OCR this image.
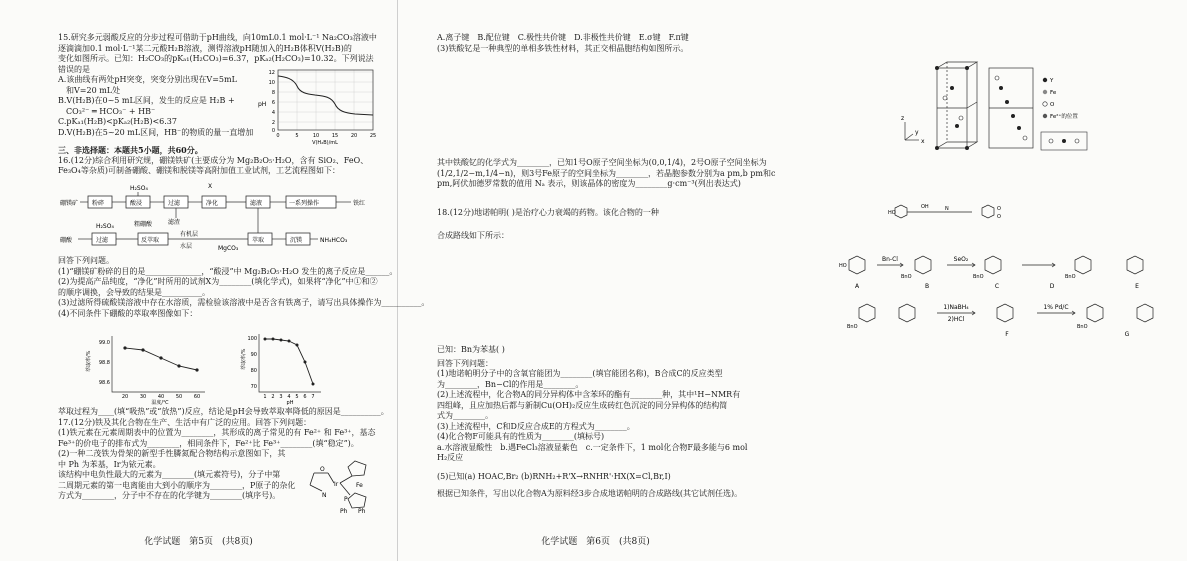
15.研究多元弱酸反应的分步过程可借助于pH曲线，向10mL0.1 mol·L⁻¹ Na₂CO₃溶液中

逐滴滴加0.1 mol·L⁻¹某二元酸H₂B溶液，测得溶液pH随加入的H₂B体积V(H₂B)的

变化如图所示。已知：H₂CO₃的pKₐ₁(H₂CO₃)=6.37，pKₐ₂(H₂CO₃)=10.32。下列说法

错误的是

A.该曲线有两处pH突变，突变分别出现在V=5mL

和V=20 mL处

B.V(H₂B)在0~5 mL区间，发生的反应是 H₂B +

CO₃²⁻ ═ HCO₃⁻ + HB⁻

C.pKₐ₁(H₂B)<pKₐ₂(H₂B)<6.37

D.V(H₂B)在5~20 mL区间，HB⁻的物质的量一直增加

pH
12
10
8
6
4
2
0
0	5	10	15	20	25
V(H₂B)/mL

三、非选择题：本题共5小题，共60分。

16.(12分)综合利用研究规，硼镁铁矿(主要成分为 Mg₂B₂O₅·H₂O，含有 SiO₂、FeO、

Fe₃O₄等杂质)可制备硼酸、硼镁和脱镁等高附加值工业试剂，工艺流程图如下：

硼镁矿 粉碎	酸浸
H₂SO₄
过滤	净化
X
滤液	一系列操作	铁红
滤渣
硼酸	过滤
H₂SO₄
反萃取
有机层
水层
萃取
MgCO₃
沉镁	NH₄HCO₃
粗硼酸

回答下列问题。

(1)“硼镁矿粉碎的目的是______________，“酸浸”中 Mg₂B₂O₅·H₂O 发生的离子反应是______。

(2)为提高产品纯度，“净化”时所用的试剂X为________(填化学式)，如果将“净化”中①和②

的顺序调换，会导致的结果是__________。

(3)过滤所得硫酸镁溶液中存在水溶质，需检验该溶液中是否含有铁离子，请写出具体操作为__________。

(4)不同条件下硼酸的萃取率图像如下：

萃取率/%
99.0
98.8
98.6
20 30 40 50 60
温度/℃
萃取率/%
100
90
80
70
1 2 3 4 5 6 7
pH

萃取过程为____(填“吸热”或“放热”)反应，结论是pH会导致萃取率降低的原因是__________。

17.(12分)铁及其化合物在生产、生活中有广泛的应用。回答下列问题：

(1)铁元素在元素周期表中的位置为________，其形成的离子常见的有 Fe²⁺ 和 Fe³⁺，基态

Fe³⁺的价电子的排布式为________，相同条件下，Fe²⁺比 Fe³⁺________(填“稳定”)。

(2)一种二茂铁为骨架的新型手性膦氮配合物结构示意图如下，其

中 Ph 为苯基，Ir为铱元素。

该结构中电负性最大的元素为________(填元素符号)，分子中第

二周期元素的第一电离能由大到小的顺序为________，P原子的杂化

方式为________，分子中不存在的化学键为________(填序号)。

Ir	Fe
O
N
P
Ph Ph
化学试题　第5页　(共8页)

A.离子键　B.配位键　C.极性共价键　D.非极性共价键　E.σ键　F.π键

(3)铁酸钇是一种典型的单相多铁性材料，其正交相晶胞结构如图所示。

z
x
y
Y
Fe
O
Fe²⁺的位置

其中铁酸钇的化学式为________，已知1号O原子空间坐标为(0,0,1/4)，2号O原子空间坐标为

(1/2,1/2−m,1/4−n)，则3号Fe原子的空间坐标为________，若晶胞参数分别为a pm,b pm和c

pm,阿伏加德罗常数的值用 Nₐ 表示，则该晶体的密度为________g·cm⁻³(列出表达式)

18.(12分)地诺帕明( )是治疗心力衰竭的药物。该化合物的一种

合成路线如下所示：

HO
OH	N	O
O
A	B	C	D	E
F	G
Bn-Cl	SeO₂
1)NaBH₄
2)HCl
1% Pd/C
HO
BnO	BnO	BnO
BnO	BnO

已知：Bn为苯基( )

回答下列问题：

(1)地诺帕明分子中的含氧官能团为________(填官能团名称)，B合成C的反应类型

为________，Bn−Cl的作用是________。

(2)上述流程中，化合物A的同分异构体中含苯环的酯有________种，其中¹H−NMR有

四组峰，且应加热后都与新制Cu(OH)₂反应生成砖红色沉淀的同分异构体的结构简

式为________。

(3)上述流程中，C和D反应合成E的方程式为________。

(4)化合物F可能具有的性质为________(填标号)

a.水溶液显酸性　b.遇FeCl₃溶液显紫色　c.一定条件下，1 mol化合物F最多能与6 mol

H₂反应

(5)已知(a) HOAC,Br₂ (b)RNH₂+R'X→RNHR'·HX(X=Cl,Br,I)

根据已知条件，写出以化合物A为原料经3步合成地诺帕明的合成路线(其它试剂任选)。

化学试题　第6页　(共8页)
